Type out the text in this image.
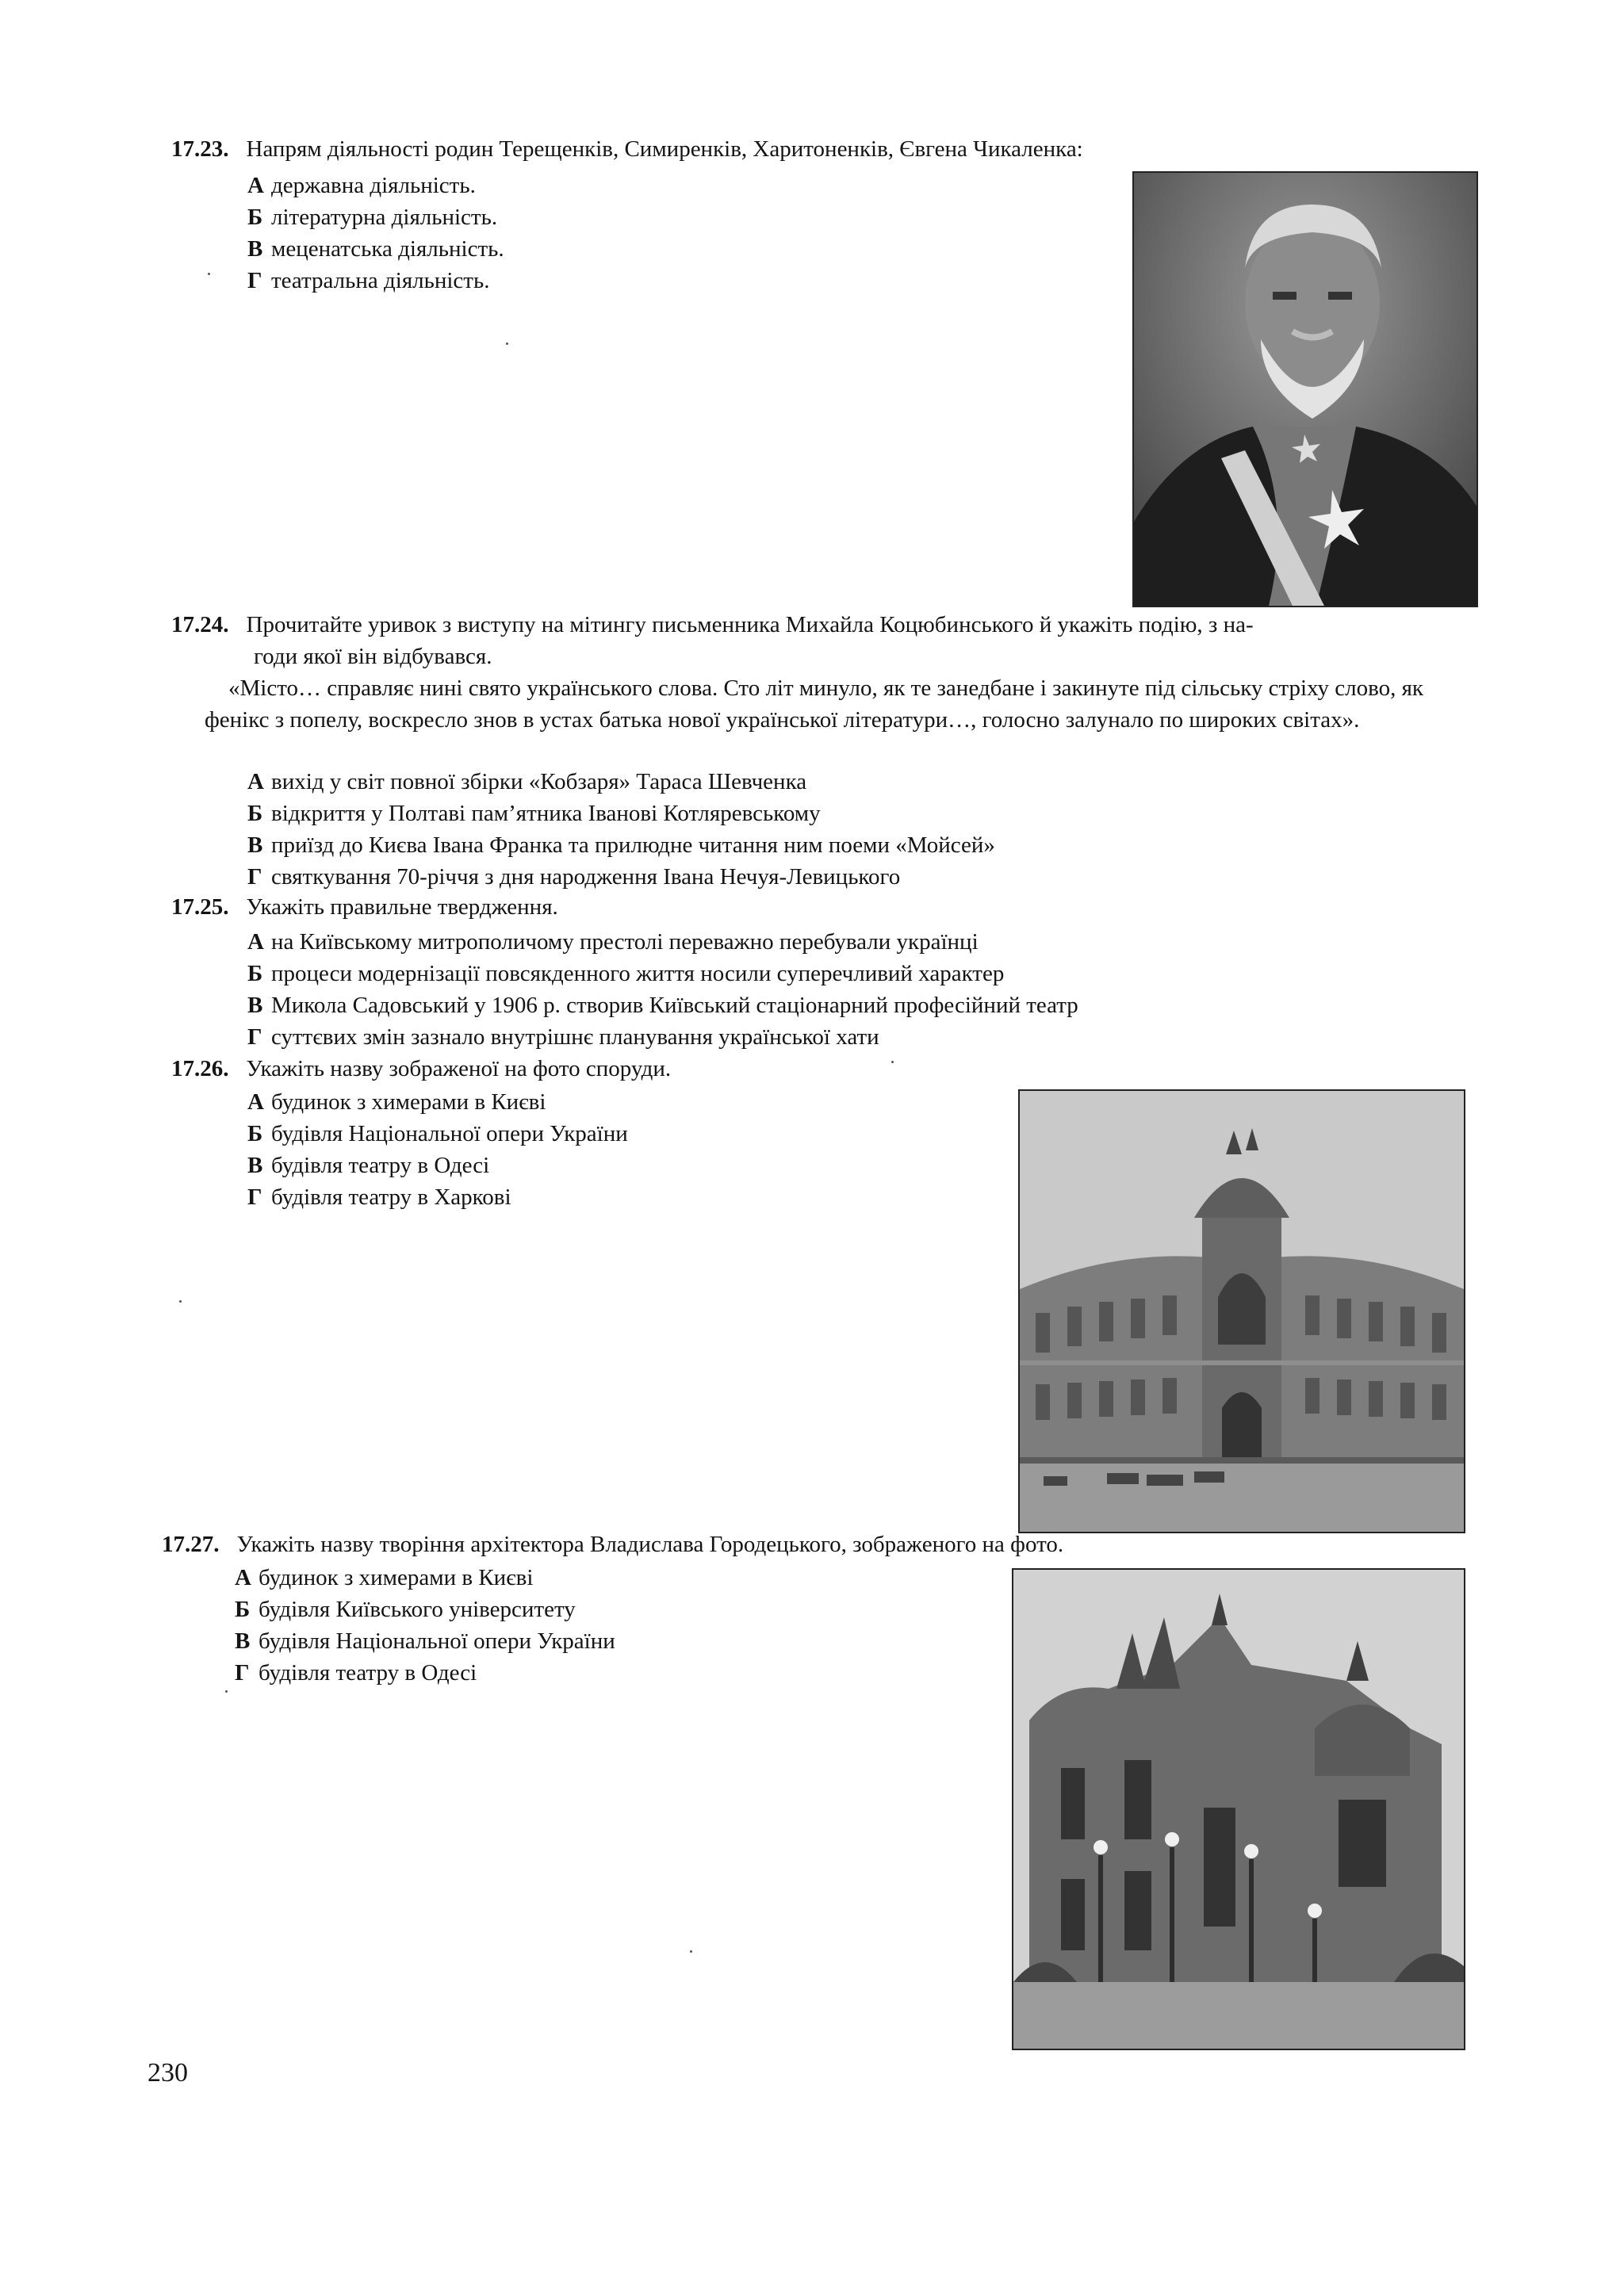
17.23. Напрям діяльності родин Терещенків, Симиренків, Харитоненків, Євгена Чикаленка:
А державна діяльність.
Б літературна діяльність.
В меценатська діяльність.
Г театральна діяльність.
17.24. Прочитайте уривок з виступу на мітингу письменника Михайла Коцюбинського й укажіть подію, з на-
годи якої він відбувався.
«Місто… справляє нині свято українського слова. Сто літ минуло, як те занедбане і закинуте під сільську стріху слово, як фенікс з попелу, воскресло знов в устах батька нової української літератури…, голосно залунало по широких світах».
А вихід у світ повної збірки «Кобзаря» Тараса Шевченка
Б відкриття у Полтаві пам’ятника Іванові Котляревському
В приїзд до Києва Івана Франка та прилюдне читання ним поеми «Мойсей»
Г святкування 70-річчя з дня народження Івана Нечуя-Левицького
17.25. Укажіть правильне твердження.
А на Київському митрополичому престолі переважно перебували українці
Б процеси модернізації повсякденного життя носили суперечливий характер
В Микола Садовський у 1906 р. створив Київський стаціонарний професійний театр
Г суттєвих змін зазнало внутрішнє планування української хати
17.26. Укажіть назву зображеної на фото споруди.
А будинок з химерами в Києві
Б будівля Національної опери України
В будівля театру в Одесі
Г будівля театру в Харкові
17.27. Укажіть назву творіння архітектора Владислава Городецького, зображеного на фото.
А будинок з химерами в Києві
Б будівля Київського університету
В будівля Національної опери України
Г будівля театру в Одесі
230
